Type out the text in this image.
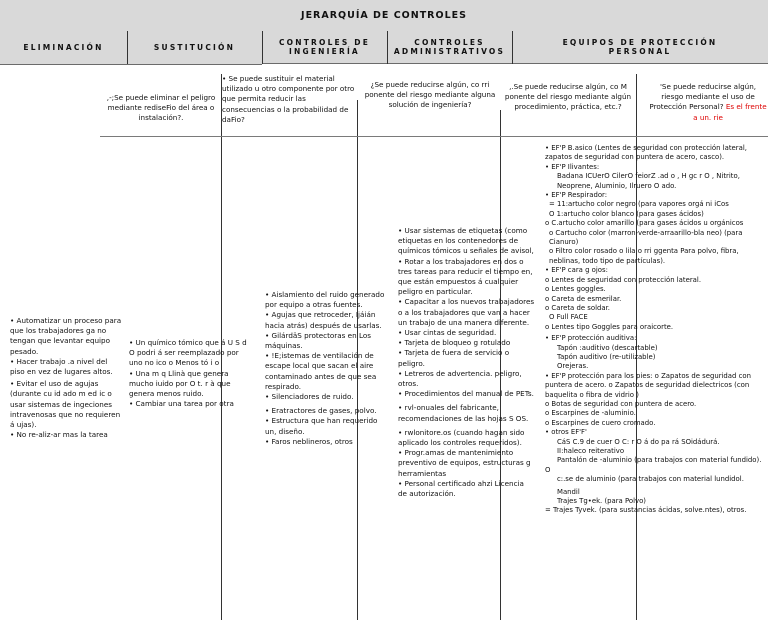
JERARQUÍA DE CONTROLES
ELIMINACIÓN	SUSTITUCIÓN
CONTROLES DE INGENIERÍA
CONTROLES ADMINISTRATIVOS
EQUIPOS DE PROTECCIÓN PERSONAL
,-;Se puede eliminar el peligro mediante rediseFio del área o instalación?.
• Se puede sustituir el material utilizado u otro componente por otro que permita reducir las consecuencias o la probabilidad de daFio?
¿Se puede reducirse algún, co rri ponente del riesgo mediante alguna solución de ingeniería?
,.Se puede reducirse algún, co M ponente del riesgo mediante algún procedimiento, práctica, etc.?
'Se puede reducirse algún, riesgo mediante el uso de Protección Personal? Es el frente a un. rie

• Automatizar un proceso para que los trabajadores ga no tengan que levantar equipo pesado.

• Hacer trabajo .a nivel del piso en vez de lugares altos.

• Evitar el uso de agujas (durante cu id ado m ed ic o usar sistemas de ingeciones intravenosas que no requieren á ujas).

• No re-aliz-ar mas la tarea

• Un químico tómico que á U S d O podri á ser reemplazado por uno no ico o Menos tó i o

• Una m q Llinà que genera mucho iuido por O t. r à que genera menos ruido.

• Cambiar una tarea por otra

• Aislamiento del ruido generado por equipo a otras fuentes.

• Agujas que retroceder, Ijáián hacia atrás) después de usarlas.

• GilárdäS protectoras en Los máquinas.

• !E;istemas de ventilación de escape local que sacan el aire contaminado antes de que sea respirado.

• Silenciadores de ruido.

• Eratractores de gases, polvo.

• Estructura que han requerido un, diseño.

• Faros neblineros, otros

• Usar sistemas de etiquetas (como etiquetas en los contenedores de químicos tómicos u señales de avisol,

• Rotar a los trabajadores en dos o tres tareas para reducir el tiempo en, que están empuestos á cualquier peligro en particular.

• Capacitar a los nuevos trabajadores o a los trabajadores que van a hacer un trabajo de una manera diferente.

• Usar cintas de seguridad.

• Tarjeta de bloqueo g rotulado

• Tarjeta de fuera de servicio o peligro.

• Letreros de advertencia. peligro, otros.

• Procedimientos del manual de PETs.

• rvl-onuales del fabricante, recomendaciones de las hojas S OS.

• rwlonitore.os (cuando hagan sido aplicado los controles requeridos).

• Progr.amas de mantenimiento preventivo de equipos, estructuras g herramientas

• Personal certificado ahzi Licencia de autorización.

• EF'P B.asico (Lentes de seguridad con protección lateral, zapatos de seguridad con puntera de acero, casco).

• EF'P Ilivantes:

Badana ICUerO CilerO feiorZ .ad o , H gc r O , Nitrito, Neoprene, Aluminio, Ilruero O ado.

• EF'P Respirador:

= 11:artucho color negro (para vapores orgá ni iCos

O 1:artucho color blanco (para gases ácidos)

o C.artucho color amarillo (para gases ácidos u orgánicos

o Cartucho color (marron-verde-arraarillo-bla neo) (para Cianuro)

o Filtro color rosado o lila o rri ggenta Para polvo, fibra, neblinas, todo tipo de partículas).

• EF'P cara g ojos:

o Lentes de seguridad con protección lateral.

o Lentes goggles.

o Careta de esmerilar.

o Careta de soldar.

O Full FACE

o Lentes tipo Goggles para oraicorte.

• EF'P protección auditiva:

Tapón :auditivo (descartable)

Tapón auditivo (re-utilizable)

Orejeras.

• EF'P protección para los pies: o Zapatos de seguridad con puntera de acero. o Zapatos de seguridad dielectricos (con baquelita o fibra de vidrio )

o Botas de seguridad con puntera de acero.

o Escarpines de -aluminio.

o Escarpines de cuero cromado.

• otros EF'F'

CáS C.9 de cuer O C: r O á do pa rá SOidádurá.

II:haleco reiterativo

Pantalón de -aluminio (para trabajos con material fundido).

O

c:.se de aluminio (para trabajos con material lundidol.

Mandil

Trajes Tg•ek. (para Polvo)

= Trajes Tyvek. (para sustancias ácidas, solve.ntes), otros.
